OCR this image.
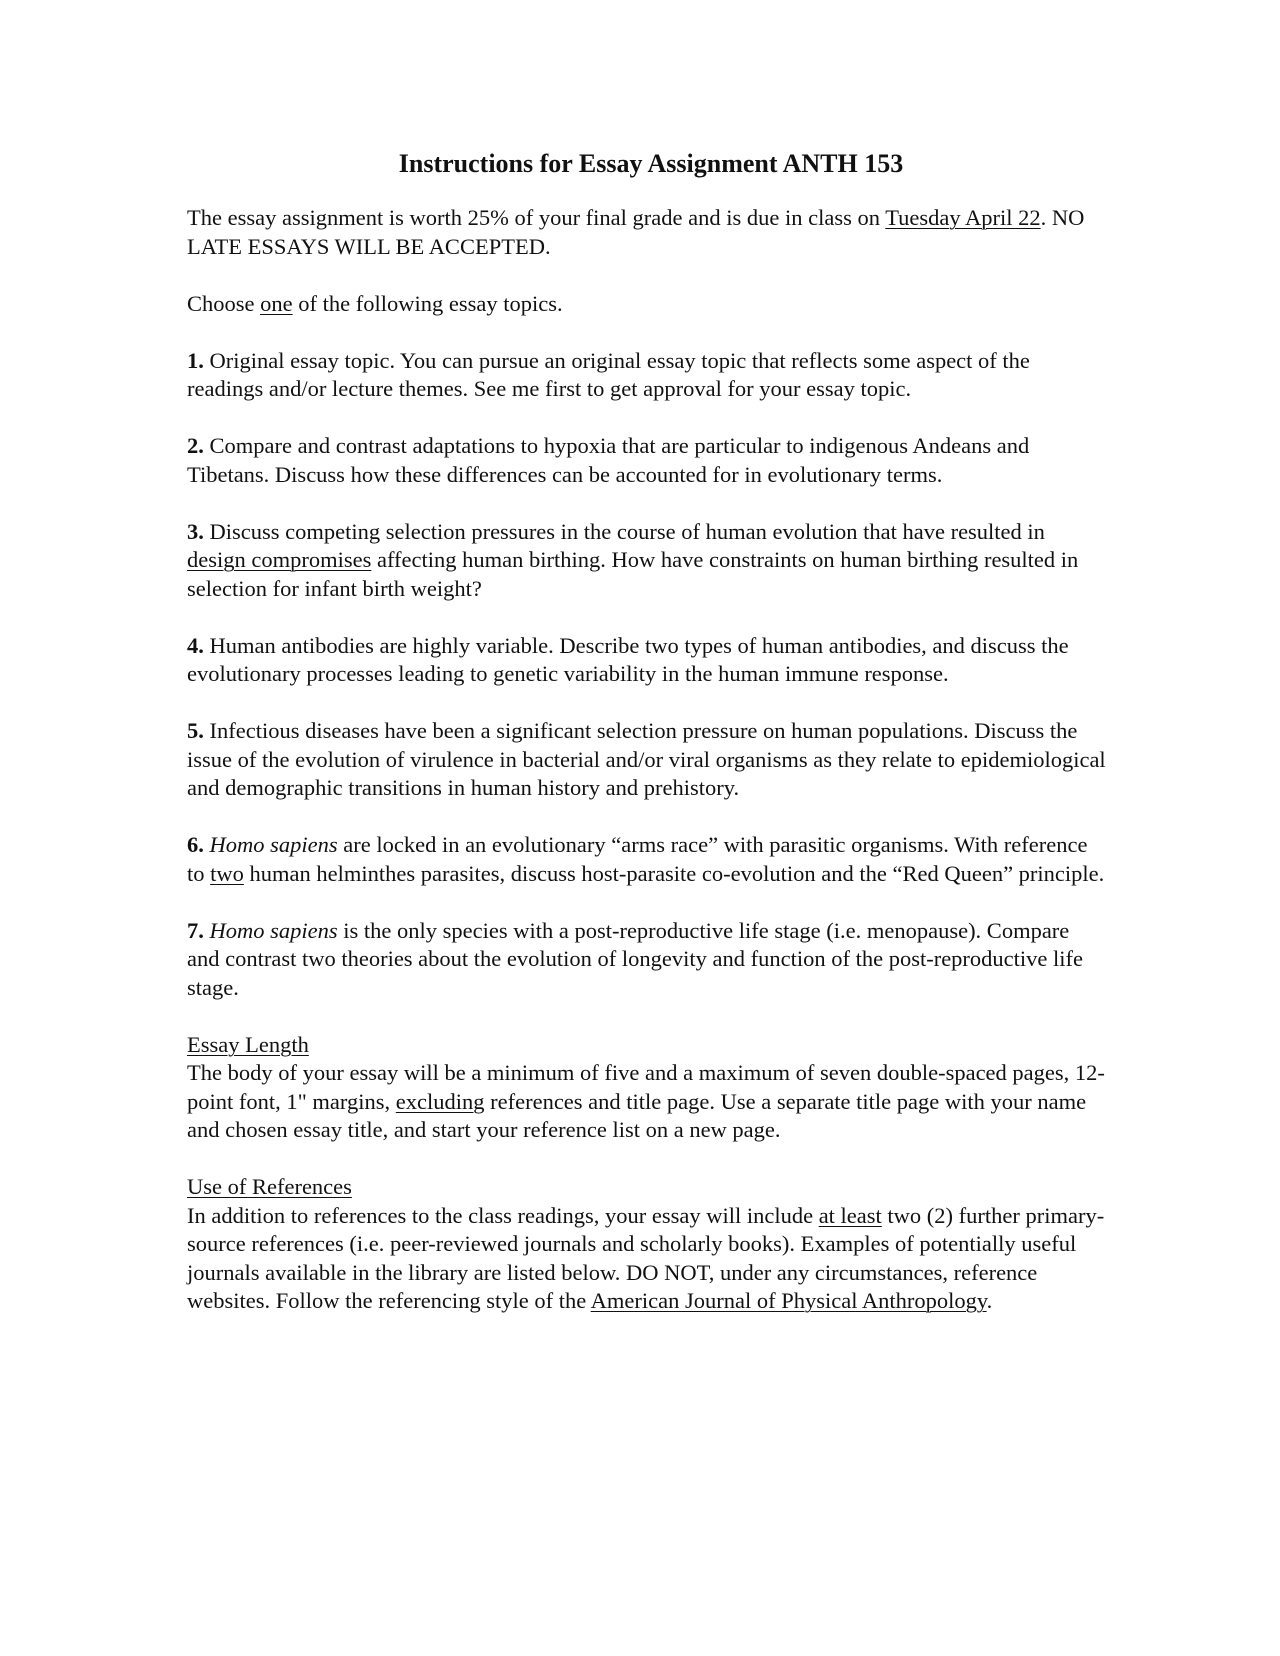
Instructions for Essay Assignment ANTH 153

The essay assignment is worth 25% of your final grade and is due in class on Tuesday April 22. NO LATE ESSAYS WILL BE ACCEPTED.

Choose one of the following essay topics.

1. Original essay topic. You can pursue an original essay topic that reflects some aspect of the readings and/or lecture themes. See me first to get approval for your essay topic.

2. Compare and contrast adaptations to hypoxia that are particular to indigenous Andeans and Tibetans. Discuss how these differences can be accounted for in evolutionary terms.

3. Discuss competing selection pressures in the course of human evolution that have resulted in design compromises affecting human birthing. How have constraints on human birthing resulted in selection for infant birth weight?

4. Human antibodies are highly variable. Describe two types of human antibodies, and discuss the evolutionary processes leading to genetic variability in the human immune response.

5. Infectious diseases have been a significant selection pressure on human populations. Discuss the issue of the evolution of virulence in bacterial and/or viral organisms as they relate to epidemiological and demographic transitions in human history and prehistory.

6. Homo sapiens are locked in an evolutionary “arms race” with parasitic organisms. With reference to two human helminthes parasites, discuss host-parasite co-evolution and the “Red Queen” principle.

7. Homo sapiens is the only species with a post-reproductive life stage (i.e. menopause). Compare and contrast two theories about the evolution of longevity and function of the post-reproductive life stage.

Essay Length
The body of your essay will be a minimum of five and a maximum of seven double-spaced pages, 12-point font, 1" margins, excluding references and title page. Use a separate title page with your name and chosen essay title, and start your reference list on a new page.

Use of References
In addition to references to the class readings, your essay will include at least two (2) further primary-source references (i.e. peer-reviewed journals and scholarly books). Examples of potentially useful journals available in the library are listed below. DO NOT, under any circumstances, reference websites. Follow the referencing style of the American Journal of Physical Anthropology.
